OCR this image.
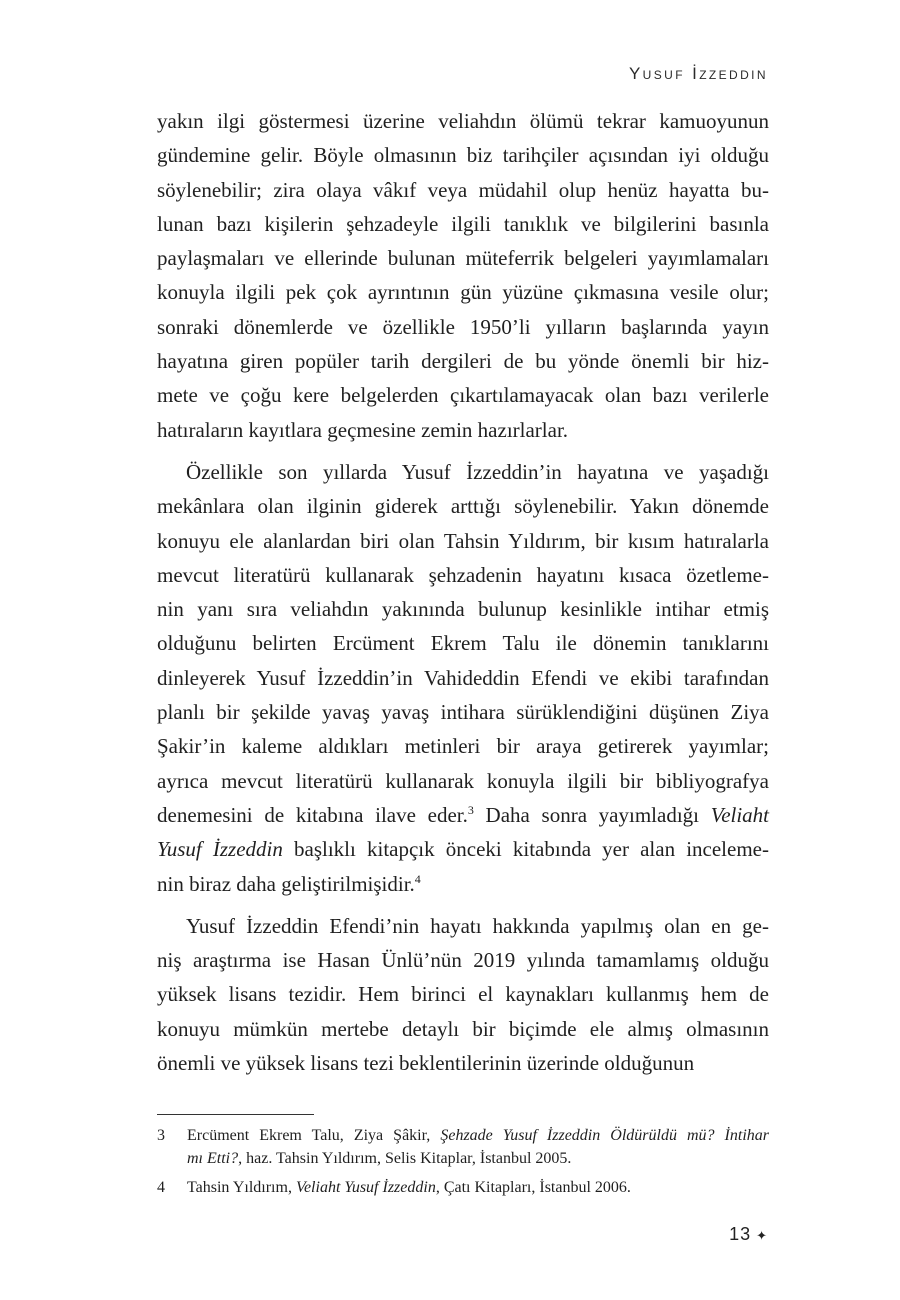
Yusuf İzzeddin
yakın ilgi göstermesi üzerine veliahdın ölümü tekrar kamuoyunun
gündemine gelir. Böyle olmasının biz tarihçiler açısından iyi olduğu
söylenebilir; zira olaya vâkıf veya müdahil olup henüz hayatta bu-
lunan bazı kişilerin şehzadeyle ilgili tanıklık ve bilgilerini basınla
paylaşmaları ve ellerinde bulunan müteferrik belgeleri yayımlamaları
konuyla ilgili pek çok ayrıntının gün yüzüne çıkmasına vesile olur;
sonraki dönemlerde ve özellikle 1950’li yılların başlarında yayın
hayatına giren popüler tarih dergileri de bu yönde önemli bir hiz-
mete ve çoğu kere belgelerden çıkartılamayacak olan bazı verilerle
hatıraların kayıtlara geçmesine zemin hazırlarlar.
Özellikle son yıllarda Yusuf İzzeddin’in hayatına ve yaşadığı
mekânlara olan ilginin giderek arttığı söylenebilir. Yakın dönemde
konuyu ele alanlardan biri olan Tahsin Yıldırım, bir kısım hatıralarla
mevcut literatürü kullanarak şehzadenin hayatını kısaca özetleme-
nin yanı sıra veliahdın yakınında bulunup kesinlikle intihar etmiş
olduğunu belirten Ercüment Ekrem Talu ile dönemin tanıklarını
dinleyerek Yusuf İzzeddin’in Vahideddin Efendi ve ekibi tarafından
planlı bir şekilde yavaş yavaş intihara sürüklendiğini düşünen Ziya
Şakir’in kaleme aldıkları metinleri bir araya getirerek yayımlar;
ayrıca mevcut literatürü kullanarak konuyla ilgili bir bibliyografya
denemesini de kitabına ilave eder.$^3$ Daha sonra yayımladığı Veliaht
Yusuf İzzeddin başlıklı kitapçık önceki kitabında yer alan inceleme-
nin biraz daha geliştirilmişidir.$^4$
Yusuf İzzeddin Efendi’nin hayatı hakkında yapılmış olan en ge-
niş araştırma ise Hasan Ünlü’nün 2019 yılında tamamlamış olduğu
yüksek lisans tezidir. Hem birinci el kaynakları kullanmış hem de
konuyu mümkün mertebe detaylı bir biçimde ele almış olmasının
önemli ve yüksek lisans tezi beklentilerinin üzerinde olduğunun
3	Ercüment Ekrem Talu, Ziya Şâkir, Şehzade Yusuf İzzeddin Öldürüldü mü? İntihar
mı Etti?, haz. Tahsin Yıldırım, Selis Kitaplar, İstanbul 2005.
4	Tahsin Yıldırım, Veliaht Yusuf İzzeddin, Çatı Kitapları, İstanbul 2006.
13 ✦
